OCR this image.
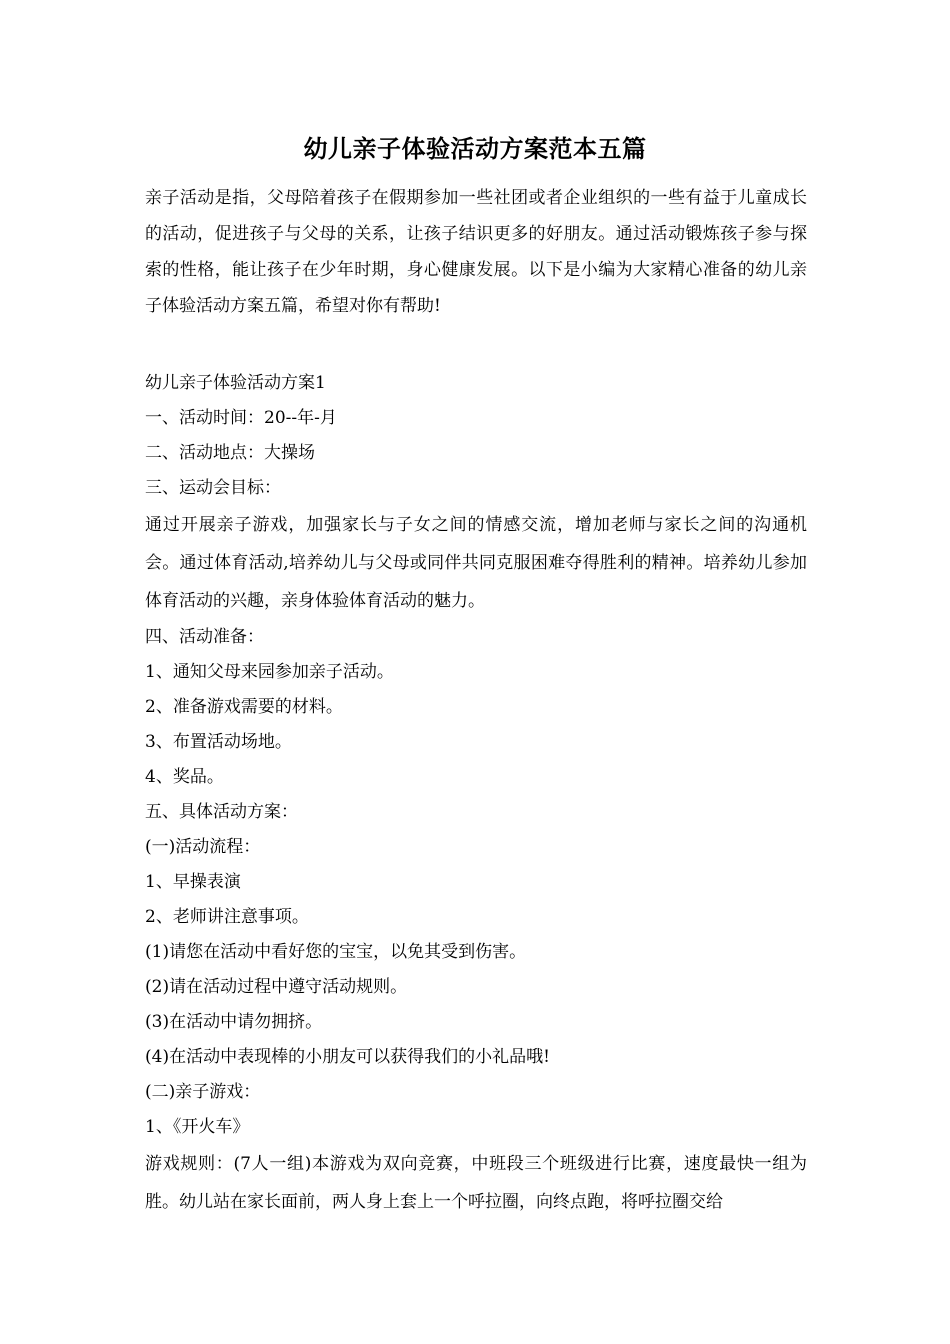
幼儿亲子体验活动方案范本五篇
亲子活动是指，父母陪着孩子在假期参加一些社团或者企业组织的一些有益于儿童成长的活动，促进孩子与父母的关系，让孩子结识更多的好朋友。通过活动锻炼孩子参与探索的性格，能让孩子在少年时期，身心健康发展。以下是小编为大家精心准备的幼儿亲子体验活动方案五篇，希望对你有帮助!
幼儿亲子体验活动方案1
一、活动时间：20--年-月
二、活动地点：大操场
三、运动会目标：
通过开展亲子游戏，加强家长与子女之间的情感交流，增加老师与家长之间的沟通机会。通过体育活动,培养幼儿与父母或同伴共同克服困难夺得胜利的精神。培养幼儿参加体育活动的兴趣，亲身体验体育活动的魅力。
四、活动准备：
1、通知父母来园参加亲子活动。
2、准备游戏需要的材料。
3、布置活动场地。
4、奖品。
五、具体活动方案：
(一)活动流程：
1、早操表演
2、老师讲注意事项。
(1)请您在活动中看好您的宝宝，以免其受到伤害。
(2)请在活动过程中遵守活动规则。
(3)在活动中请勿拥挤。
(4)在活动中表现棒的小朋友可以获得我们的小礼品哦!
(二)亲子游戏：
1、《开火车》
游戏规则：(7人一组)本游戏为双向竞赛，中班段三个班级进行比赛，速度最快一组为胜。幼儿站在家长面前，两人身上套上一个呼拉圈，向终点跑，将呼拉圈交给
